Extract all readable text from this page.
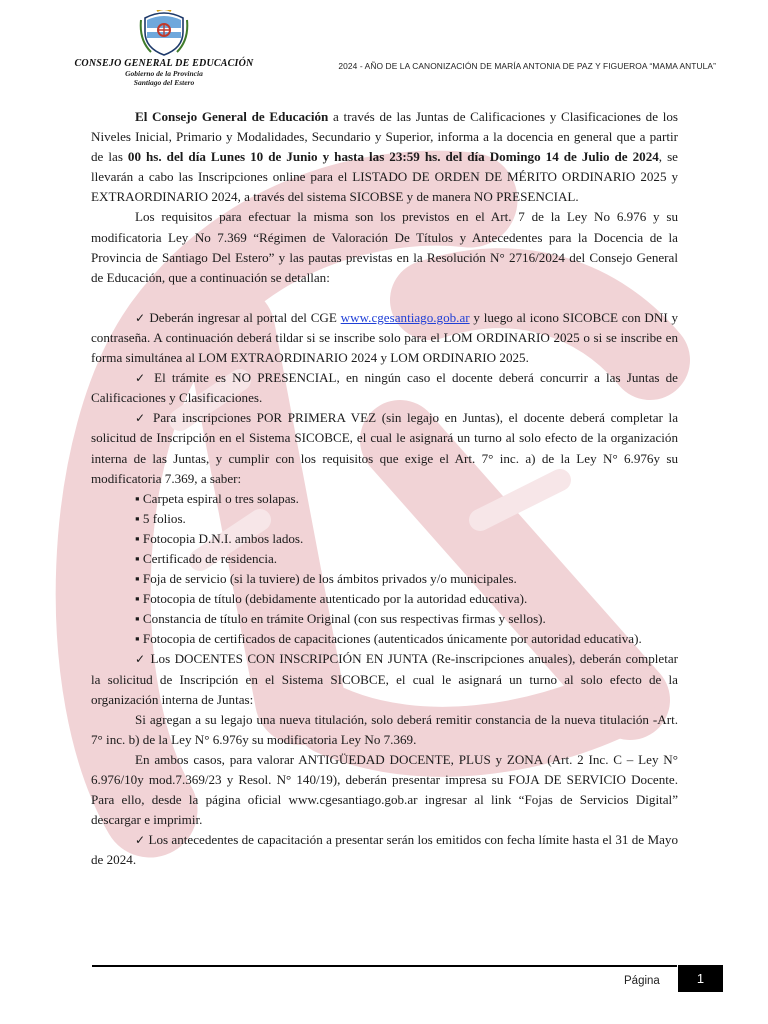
CONSEJO GENERAL DE EDUCACIÓN
Gobierno de la Provincia
Santiago del Estero
2024 - AÑO DE LA CANONIZACIÓN DE MARÍA ANTONIA DE PAZ Y FIGUEROA “MAMA ANTULA”

El Consejo General de Educación a través de las Juntas de Calificaciones y Clasificaciones de los Niveles Inicial, Primario y Modalidades, Secundario y Superior, informa a la docencia en general que a partir de las 00 hs. del día Lunes 10 de Junio y hasta las 23:59 hs. del día Domingo 14 de Julio de 2024, se llevarán a cabo las Inscripciones online para el LISTADO DE ORDEN DE MÉRITO ORDINARIO 2025 y EXTRAORDINARIO 2024, a través del sistema SICOBSE y de manera NO PRESENCIAL.

Los requisitos para efectuar la misma son los previstos en el Art. 7 de la Ley No 6.976 y su modificatoria Ley No 7.369 “Régimen de Valoración De Títulos y Antecedentes para la Docencia de la Provincia de Santiago Del Estero” y las pautas previstas en la Resolución N° 2716/2024 del Consejo General de Educación, que a continuación se detallan:

✓ Deberán ingresar al portal del CGE www.cgesantiago.gob.ar y luego al icono SICOBCE con DNI y contraseña. A continuación deberá tildar si se inscribe solo para el LOM ORDINARIO 2025 o si se inscribe en forma simultánea al LOM EXTRAORDINARIO 2024 y LOM ORDINARIO 2025.

✓ El trámite es NO PRESENCIAL, en ningún caso el docente deberá concurrir a las Juntas de Calificaciones y Clasificaciones.

✓ Para inscripciones POR PRIMERA VEZ (sin legajo en Juntas), el docente deberá completar la solicitud de Inscripción en el Sistema SICOBCE, el cual le asignará un turno al solo efecto de la organización interna de las Juntas, y cumplir con los requisitos que exige el Art. 7° inc. a) de la Ley N° 6.976y su modificatoria 7.369, a saber:

▪ Carpeta espiral o tres solapas.

▪ 5 folios.

▪ Fotocopia D.N.I. ambos lados.

▪ Certificado de residencia.

▪ Foja de servicio (si la tuviere) de los ámbitos privados y/o municipales.

▪ Fotocopia de título (debidamente autenticado por la autoridad educativa).

▪ Constancia de título en trámite Original (con sus respectivas firmas y sellos).

▪ Fotocopia de certificados de capacitaciones (autenticados únicamente por autoridad educativa).

✓ Los DOCENTES CON INSCRIPCIÓN EN JUNTA (Re-inscripciones anuales), deberán completar la solicitud de Inscripción en el Sistema SICOBCE, el cual le asignará un turno al solo efecto de la organización interna de Juntas:

Si agregan a su legajo una nueva titulación, solo deberá remitir constancia de la nueva titulación -Art. 7° inc. b) de la Ley N° 6.976y su modificatoria Ley No 7.369.

En ambos casos, para valorar ANTIGÜEDAD DOCENTE, PLUS y ZONA (Art. 2 Inc. C – Ley N° 6.976/10y mod.7.369/23 y Resol. N° 140/19), deberán presentar impresa su FOJA DE SERVICIO Docente. Para ello, desde la página oficial www.cgesantiago.gob.ar ingresar al link “Fojas de Servicios Digital” descargar e imprimir.

✓ Los antecedentes de capacitación a presentar serán los emitidos con fecha límite hasta el 31 de Mayo de 2024.

Página	1
